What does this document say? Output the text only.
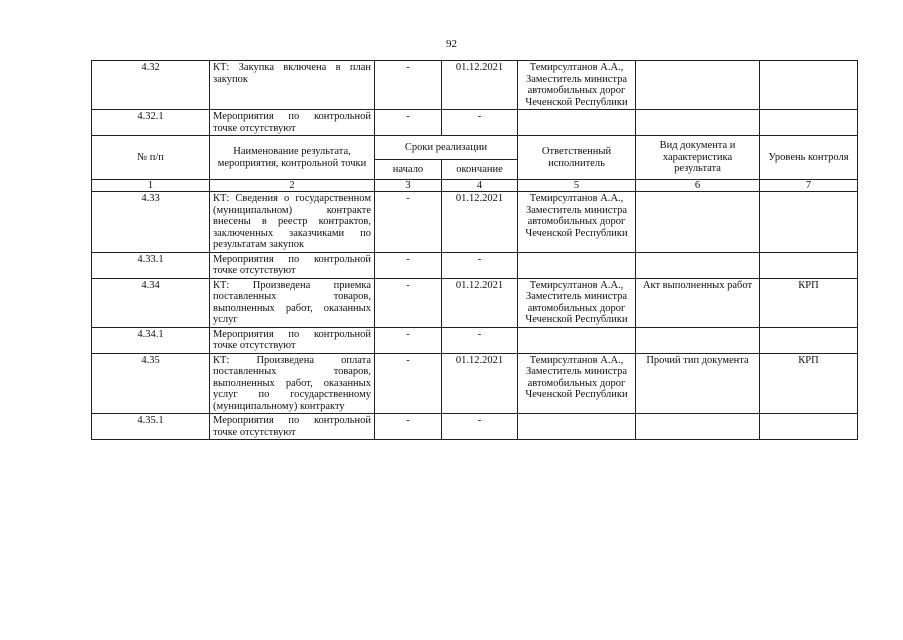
92
4.32	КТ: Закупка включена в план закупок	-	01.12.2021	Темирсултанов А.А., Заместитель министра автомобильных дорог Чеченской Республики		
4.32.1	Мероприятия по контрольной точке отсутствуют	-	-			
№ п/п	Наименование результата, мероприятия, контрольной точки	Сроки реализации		Ответственный исполнитель	Вид документа и характеристика результата	Уровень контроля
		начало	окончание			
1	2	3	4	5	6	7
4.33	КТ: Сведения о государственном (муниципальном) контракте внесены в реестр контрактов, заключенных заказчиками по результатам закупок	-	01.12.2021	Темирсултанов А.А., Заместитель министра автомобильных дорог Чеченской Республики		
4.33.1	Мероприятия по контрольной точке отсутствуют	-	-			
4.34	КТ: Произведена приемка поставленных товаров, выполненных работ, оказанных услуг	-	01.12.2021	Темирсултанов А.А., Заместитель министра автомобильных дорог Чеченской Республики	Акт выполненных работ	КРП
4.34.1	Мероприятия по контрольной точке отсутствуют	-	-			
4.35	КТ: Произведена оплата поставленных товаров, выполненных работ, оказанных услуг по государственному (муниципальному) контракту	-	01.12.2021	Темирсултанов А.А., Заместитель министра автомобильных дорог Чеченской Республики	Прочий тип документа	КРП
4.35.1	Мероприятия по контрольной точке отсутствуют	-	-			
